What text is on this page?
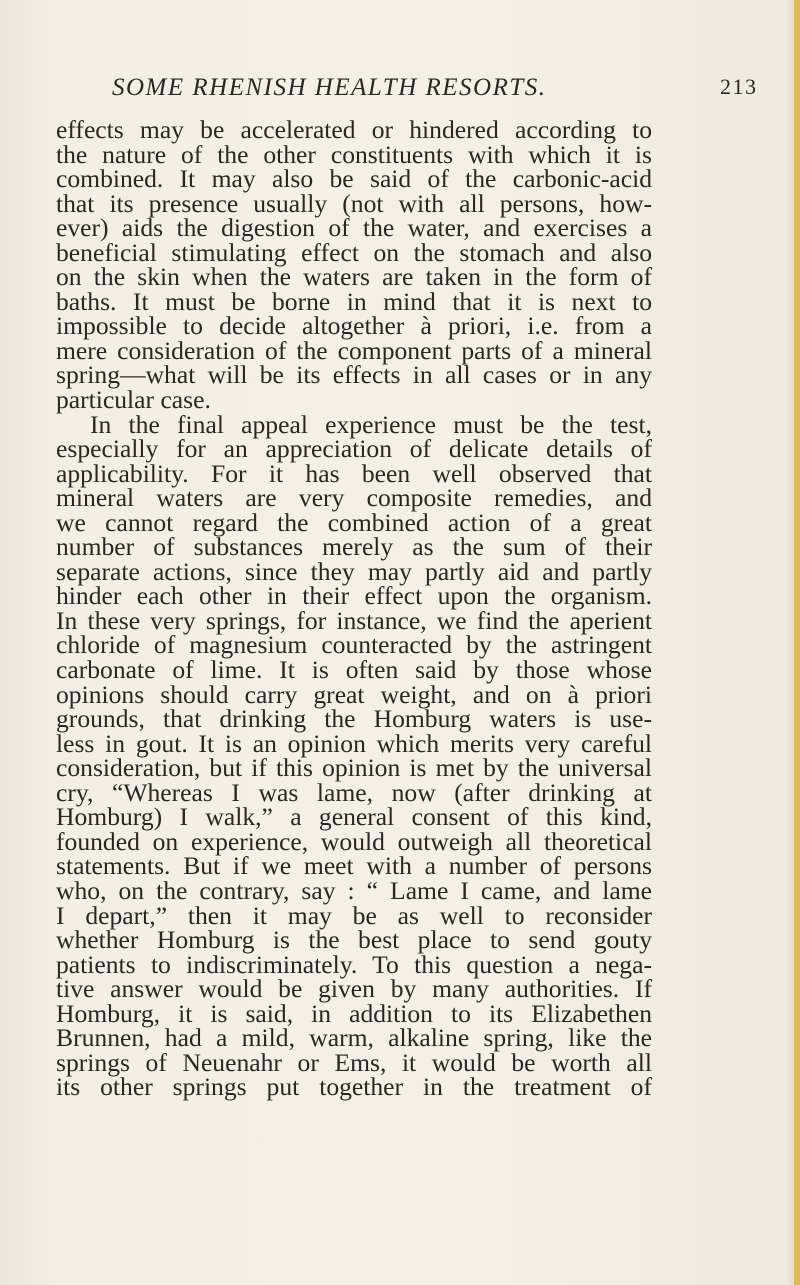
SOME RHENISH HEALTH RESORTS.	213
effects may be accelerated or hindered according to
the nature of the other constituents with which it is
combined. It may also be said of the carbonic-acid
that its presence usually (not with all persons, how-
ever) aids the digestion of the water, and exercises a
beneficial stimulating effect on the stomach and also
on the skin when the waters are taken in the form of
baths. It must be borne in mind that it is next to
impossible to decide altogether à priori, i.e. from a
mere consideration of the component parts of a mineral
spring—what will be its effects in all cases or in any
particular case.
In the final appeal experience must be the test,
especially for an appreciation of delicate details of
applicability. For it has been well observed that
mineral waters are very composite remedies, and
we cannot regard the combined action of a great
number of substances merely as the sum of their
separate actions, since they may partly aid and partly
hinder each other in their effect upon the organism.
In these very springs, for instance, we find the aperient
chloride of magnesium counteracted by the astringent
carbonate of lime. It is often said by those whose
opinions should carry great weight, and on à priori
grounds, that drinking the Homburg waters is use-
less in gout. It is an opinion which merits very careful
consideration, but if this opinion is met by the universal
cry, “Whereas I was lame, now (after drinking at
Homburg) I walk,” a general consent of this kind,
founded on experience, would outweigh all theoretical
statements. But if we meet with a number of persons
who, on the contrary, say : “ Lame I came, and lame
I depart,” then it may be as well to reconsider
whether Homburg is the best place to send gouty
patients to indiscriminately. To this question a nega-
tive answer would be given by many authorities. If
Homburg, it is said, in addition to its Elizabethen
Brunnen, had a mild, warm, alkaline spring, like the
springs of Neuenahr or Ems, it would be worth all
its other springs put together in the treatment of
